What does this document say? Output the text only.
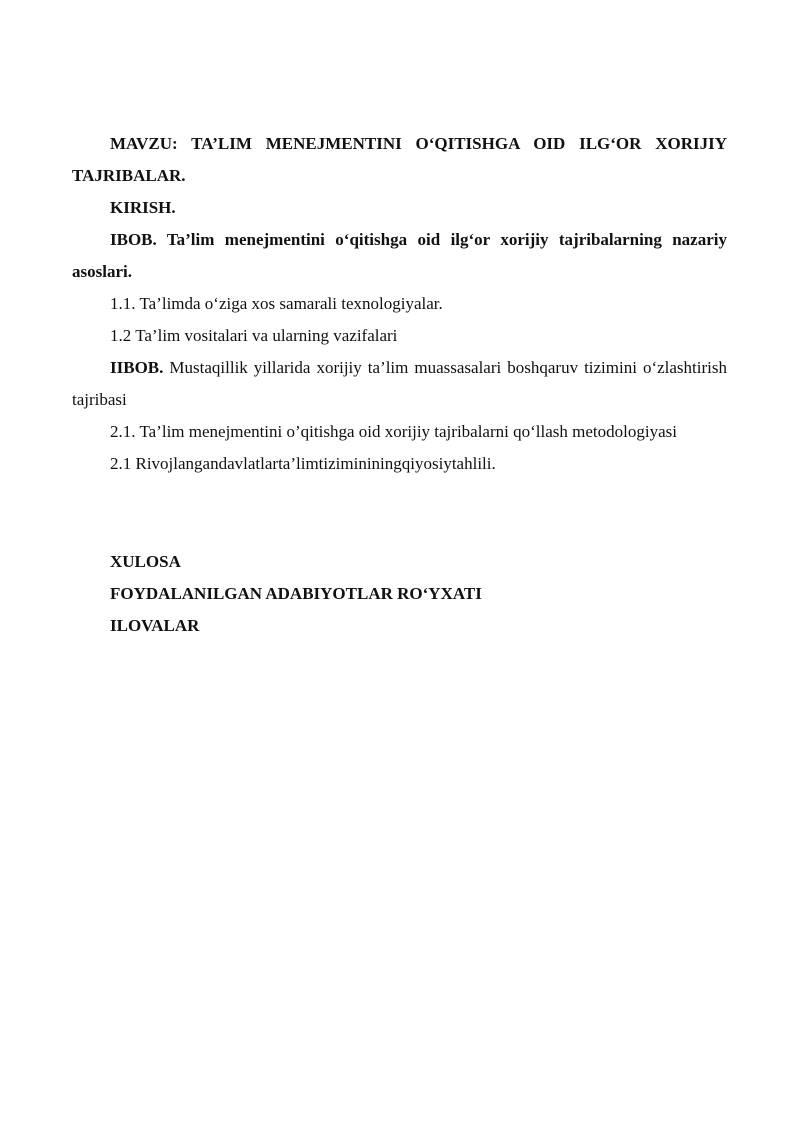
MAVZU: TA’LIM MENEJMENTINI O‘QITISHGA OID ILG‘OR XORIJIY TAJRIBALAR.

KIRISH.

IBOB. Ta’lim menejmentini o‘qitishga oid ilg‘or xorijiy tajribalarning nazariy asoslari.

1.1. Ta’limda o‘ziga xos samarali texnologiyalar.

1.2 Ta’lim vositalari va ularning vazifalari

IIBOB. Mustaqillik yillarida xorijiy ta’lim muassasalari boshqaruv tizimini o‘zlashtirish tajribasi

2.1. Ta’lim menejmentini o’qitishga oid xorijiy tajribalarni qo‘llash metodologiyasi

2.1 Rivojlangandavlatlarta’limtizimininingqiyosiytahlili.

XULOSA

FOYDALANILGAN ADABIYOTLAR RO‘YXATI

ILOVALAR
